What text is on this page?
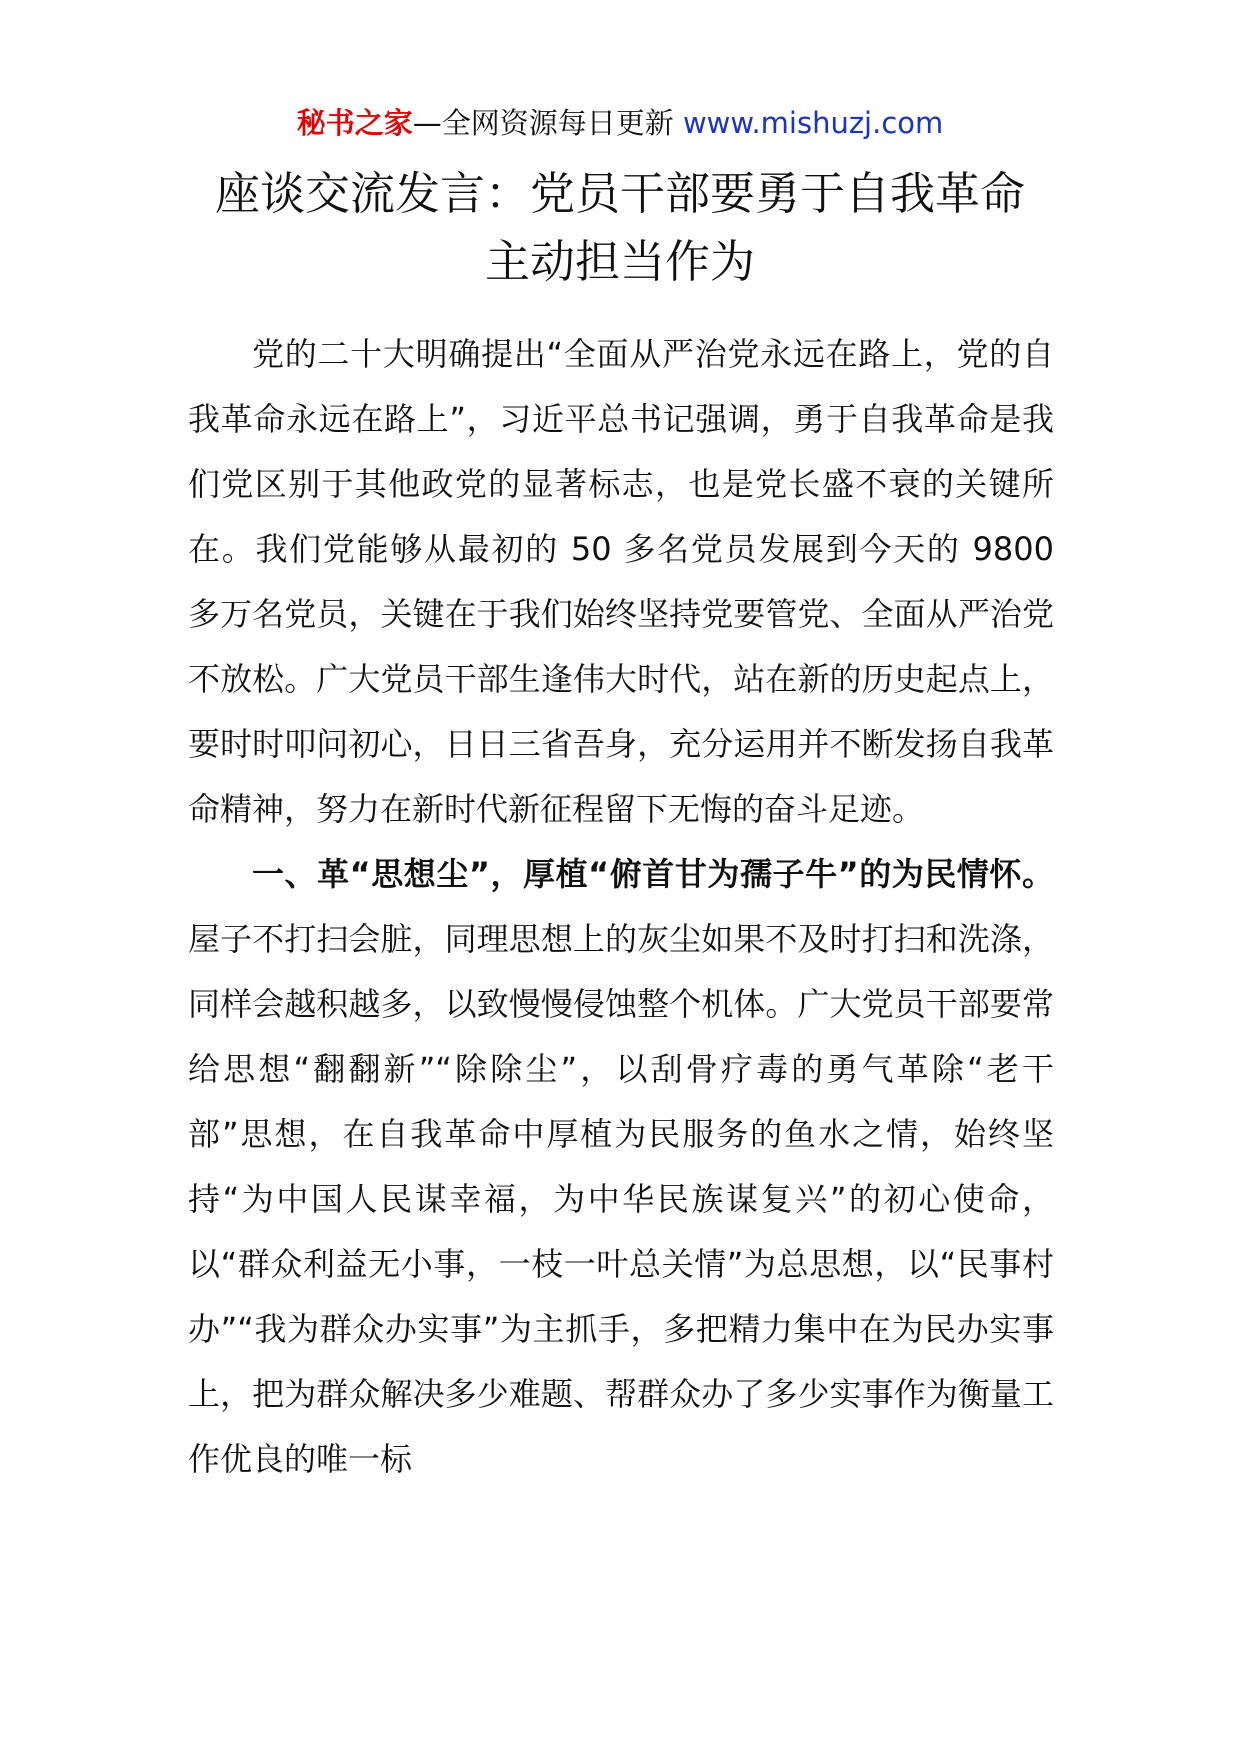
秘书之家—全网资源每日更新 www.mishuzj.com
座谈交流发言：党员干部要勇于自我革命
主动担当作为

党的二十大明确提出“全面从严治党永远在路上，党的自我革命永远在路上”，习近平总书记强调，勇于自我革命是我们党区别于其他政党的显著标志，也是党长盛不衰的关键所在。我们党能够从最初的 50 多名党员发展到今天的 9800 多万名党员，关键在于我们始终坚持党要管党、全面从严治党不放松。广大党员干部生逢伟大时代，站在新的历史起点上，要时时叩问初心，日日三省吾身，充分运用并不断发扬自我革命精神，努力在新时代新征程留下无悔的奋斗足迹。

一、革“思想尘”，厚植“俯首甘为孺子牛”的为民情怀。屋子不打扫会脏，同理思想上的灰尘如果不及时打扫和洗涤，同样会越积越多，以致慢慢侵蚀整个机体。广大党员干部要常给思想“翻翻新”“除除尘”，以刮骨疗毒的勇气革除“老干部”思想，在自我革命中厚植为民服务的鱼水之情，始终坚持“为中国人民谋幸福，为中华民族谋复兴”的初心使命，以“群众利益无小事，一枝一叶总关情”为总思想，以“民事村办”“我为群众办实事”为主抓手，多把精力集中在为民办实事上，把为群众解决多少难题、帮群众办了多少实事作为衡量工作优良的唯一标
